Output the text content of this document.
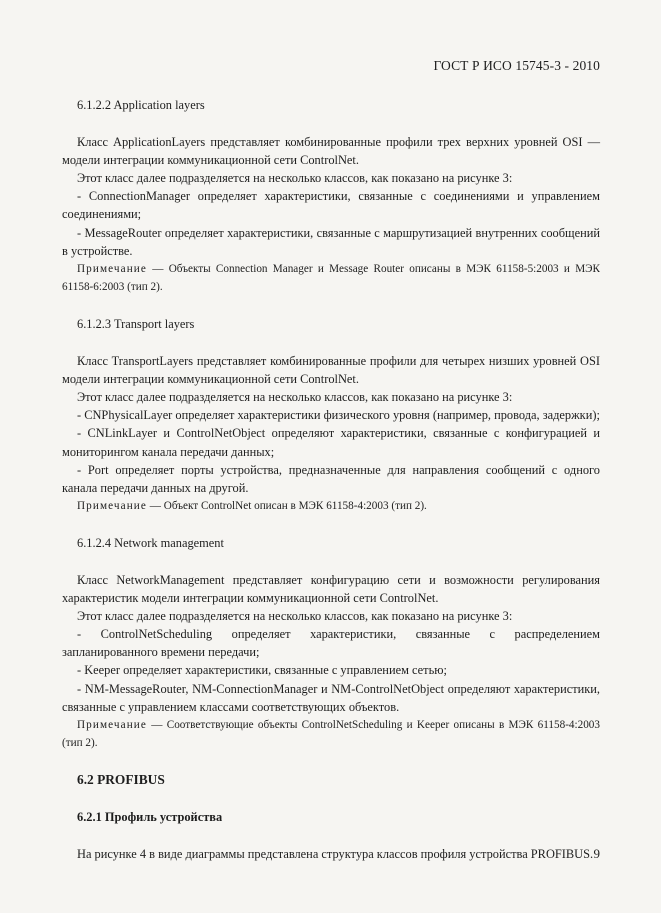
ГОСТ Р ИСО 15745-3 - 2010

6.1.2.2 Application layers

Класс ApplicationLayers представляет комбинированные профили трех верхних уровней OSI — модели интеграции коммуникационной сети ControlNet.

Этот класс далее подразделяется на несколько классов, как показано на рисунке 3:

- ConnectionManager определяет характеристики, связанные с соединениями и управлением соединениями;

- MessageRouter определяет характеристики, связанные с маршрутизацией внутренних сообщений в устройстве.

Примечание — Объекты Connection Manager и Message Router описаны в МЭК 61158-5:2003 и МЭК 61158-6:2003 (тип 2).

6.1.2.3 Transport layers

Класс TransportLayers представляет комбинированные профили для четырех низших уровней OSI модели интеграции коммуникационной сети ControlNet.

Этот класс далее подразделяется на несколько классов, как показано на рисунке 3:

- CNPhysicalLayer определяет характеристики физического уровня (например, провода, задержки);

- CNLinkLayer и ControlNetObject определяют характеристики, связанные с конфигурацией и мониторингом канала передачи данных;

- Port определяет порты устройства, предназначенные для направления сообщений с одного канала передачи данных на другой.

Примечание — Объект ControlNet описан в МЭК 61158-4:2003 (тип 2).

6.1.2.4 Network management

Класс NetworkManagement представляет конфигурацию сети и возможности регулирования характеристик модели интеграции коммуникационной сети ControlNet.

Этот класс далее подразделяется на несколько классов, как показано на рисунке 3:

- ControlNetScheduling определяет характеристики, связанные с распределением запланированного времени передачи;

- Keeper определяет характеристики, связанные с управлением сетью;

- NM-MessageRouter, NM-ConnectionManager и NM-ControlNetObject определяют характеристики, связанные с управлением классами соответствующих объектов.

Примечание — Соответствующие объекты ControlNetScheduling и Keeper описаны в МЭК 61158-4:2003 (тип 2).

6.2 PROFIBUS

6.2.1 Профиль устройства

На рисунке 4 в виде диаграммы представлена структура классов профиля устройства PROFIBUS. 9
